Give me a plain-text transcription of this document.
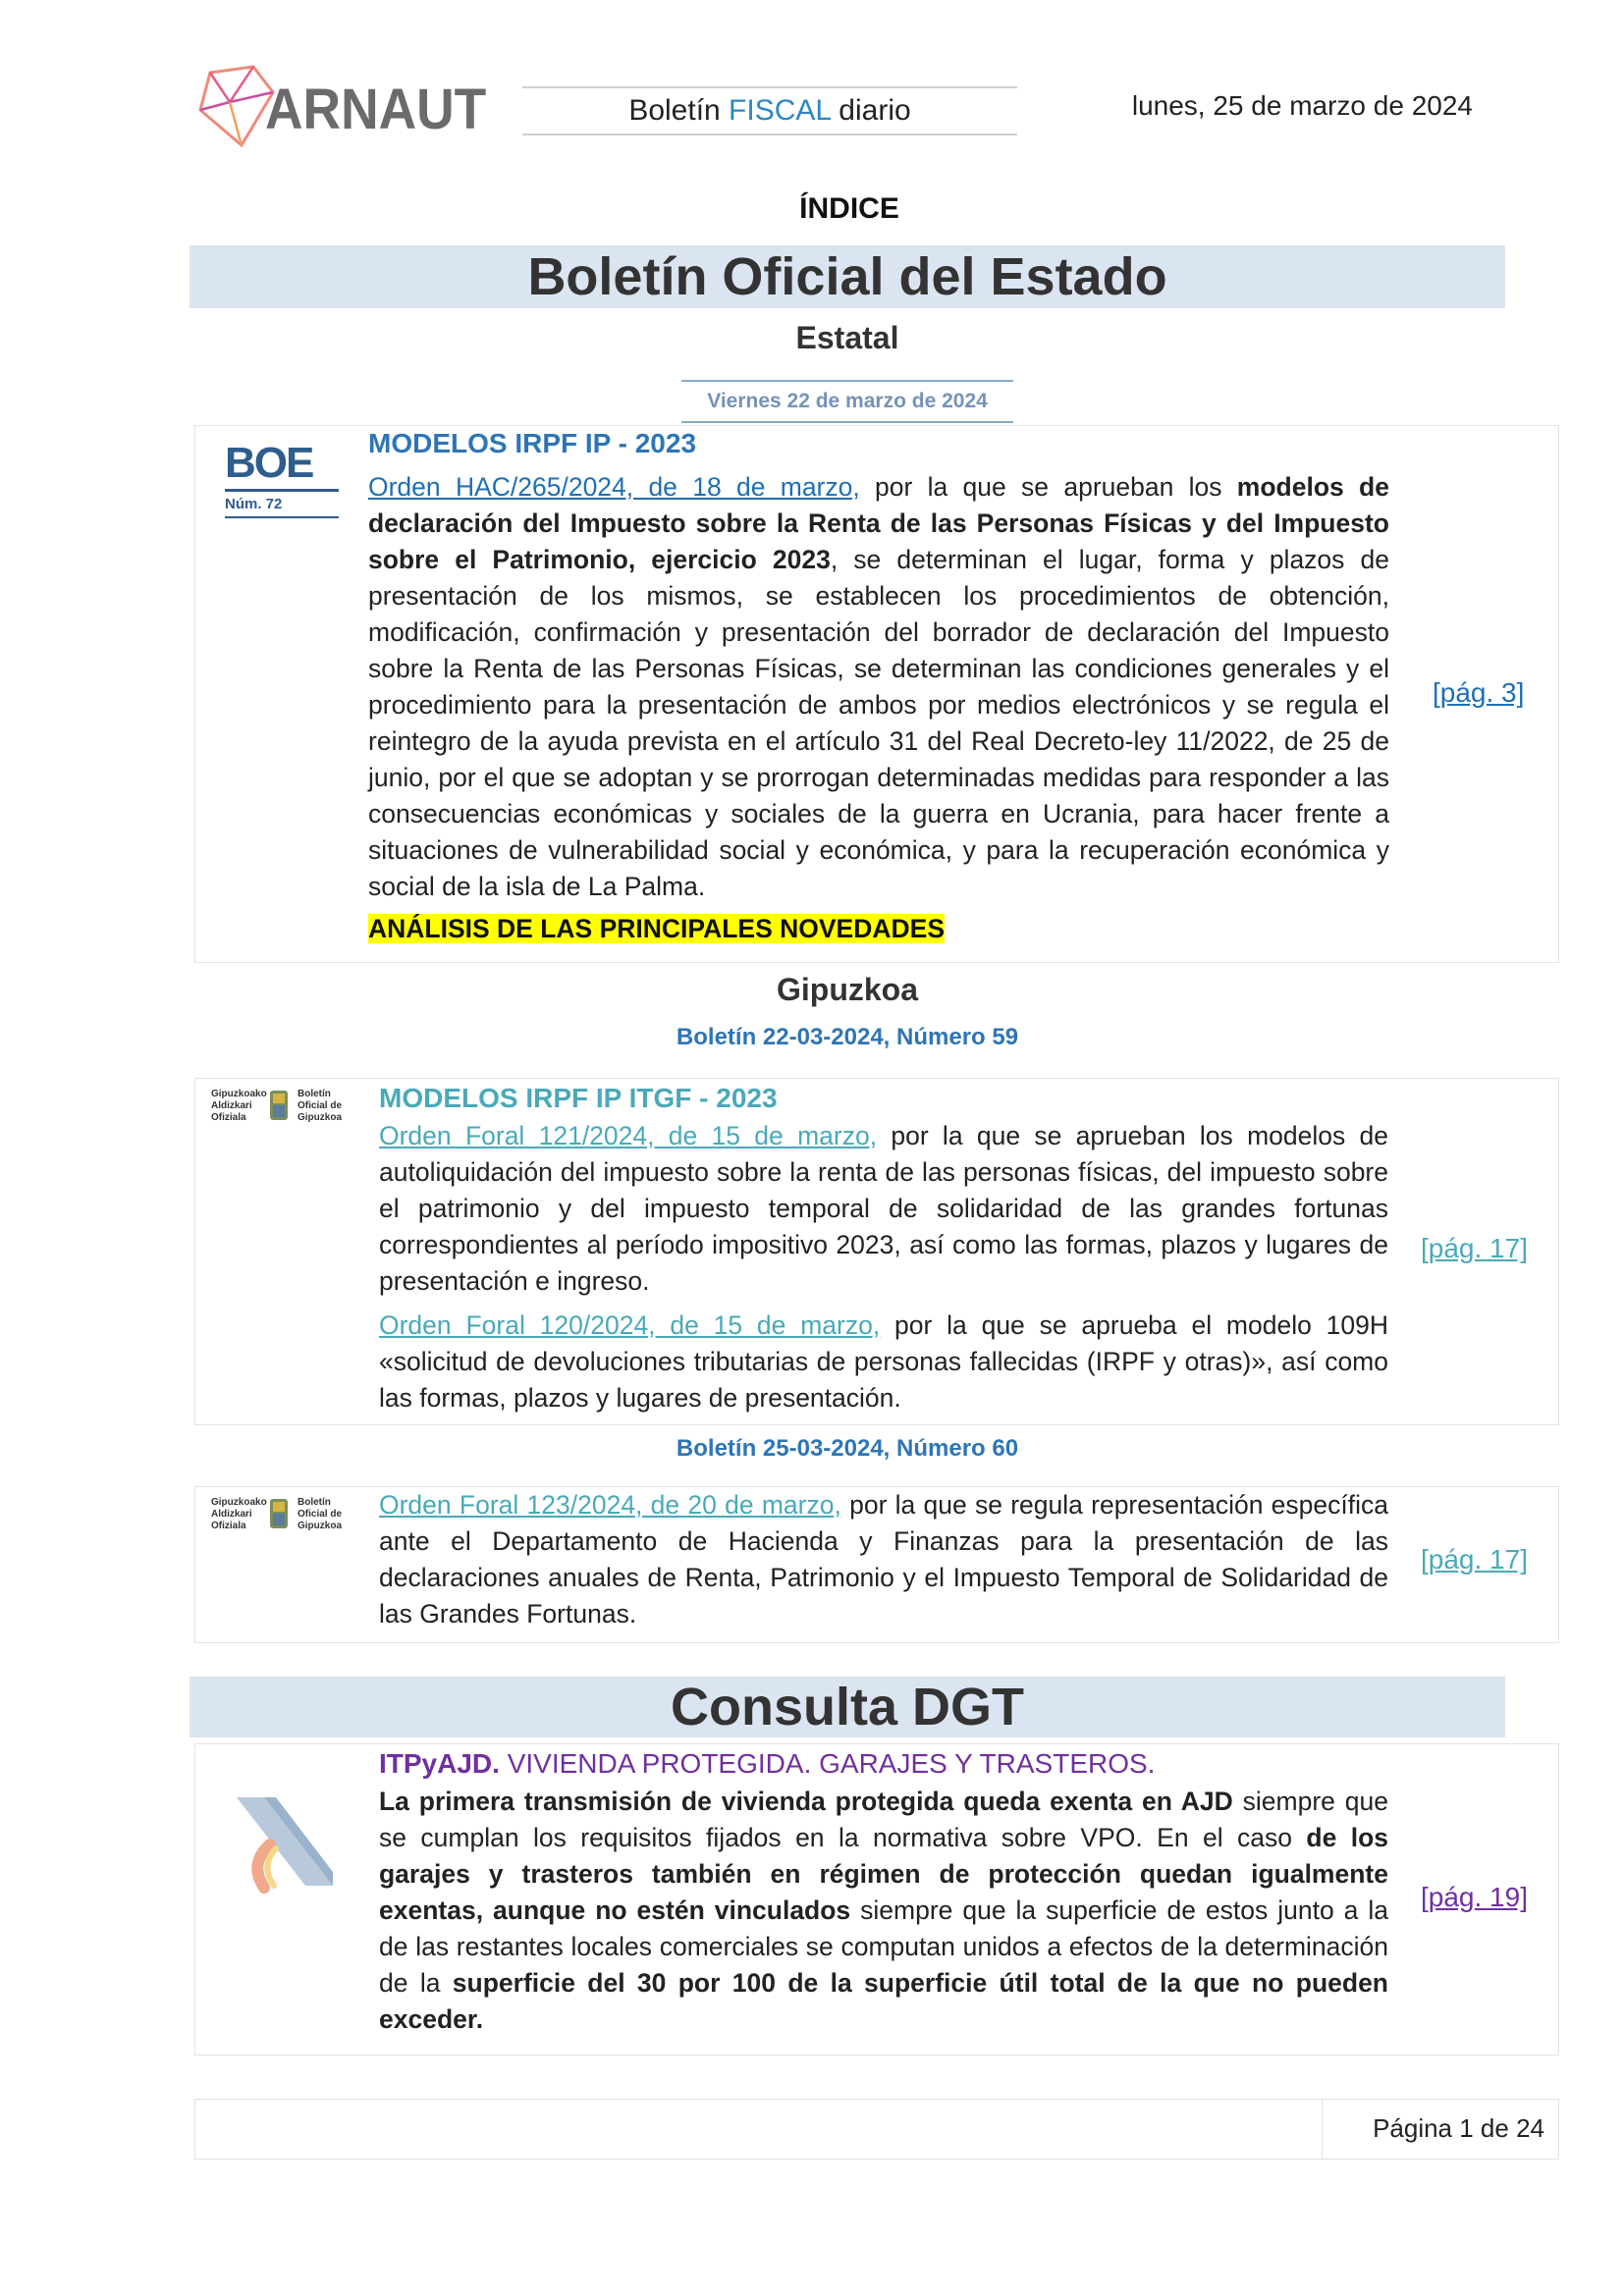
ARNAUT	Boletín FISCAL diario	lunes, 25 de marzo de 2024
ÍNDICE
Boletín Oficial del Estado
Estatal
Viernes 22 de marzo de 2024
BOE
Núm. 72
MODELOS IRPF IP - 2023
Orden HAC/265/2024, de 18 de marzo, por la que se aprueban los modelos de declaración del Impuesto sobre la Renta de las Personas Físicas y del Impuesto sobre el Patrimonio, ejercicio 2023, se determinan el lugar, forma y plazos de presentación de los mismos, se establecen los procedimientos de obtención, modificación, confirmación y presentación del borrador de declaración del Impuesto sobre la Renta de las Personas Físicas, se determinan las condiciones generales y el procedimiento para la presentación de ambos por medios electrónicos y se regula el reintegro de la ayuda prevista en el artículo 31 del Real Decreto-ley 11/2022, de 25 de junio, por el que se adoptan y se prorrogan determinadas medidas para responder a las consecuencias económicas y sociales de la guerra en Ucrania, para hacer frente a situaciones de vulnerabilidad social y económica, y para la recuperación económica y social de la isla de La Palma.
ANÁLISIS DE LAS PRINCIPALES NOVEDADES
[pág. 3]
Gipuzkoa
Boletín 22-03-2024, Número 59
Gipuzkoako
Aldizkari
Ofiziala
Boletín
Oficial de
Gipuzkoa
MODELOS IRPF IP ITGF - 2023
Orden Foral 121/2024, de 15 de marzo, por la que se aprueban los modelos de autoliquidación del impuesto sobre la renta de las personas físicas, del impuesto sobre el patrimonio y del impuesto temporal de solidaridad de las grandes fortunas correspondientes al período impositivo 2023, así como las formas, plazos y lugares de presentación e ingreso.
Orden Foral 120/2024, de 15 de marzo, por la que se aprueba el modelo 109H «solicitud de devoluciones tributarias de personas fallecidas (IRPF y otras)», así como las formas, plazos y lugares de presentación.
[pág. 17]
Boletín 25-03-2024, Número 60
Gipuzkoako
Aldizkari
Ofiziala
Boletín
Oficial de
Gipuzkoa
Orden Foral 123/2024, de 20 de marzo, por la que se regula representación específica ante el Departamento de Hacienda y Finanzas para la presentación de las declaraciones anuales de Renta, Patrimonio y el Impuesto Temporal de Solidaridad de las Grandes Fortunas.
[pág. 17]
Consulta DGT
ITPyAJD. VIVIENDA PROTEGIDA. GARAJES Y TRASTEROS.
La primera transmisión de vivienda protegida queda exenta en AJD siempre que se cumplan los requisitos fijados en la normativa sobre VPO. En el caso de los garajes y trasteros también en régimen de protección quedan igualmente exentas, aunque no estén vinculados siempre que la superficie de estos junto a la de las restantes locales comerciales se computan unidos a efectos de la determinación de la superficie del 30 por 100 de la superficie útil total de la que no pueden exceder.
[pág. 19]
Página 1 de 24
